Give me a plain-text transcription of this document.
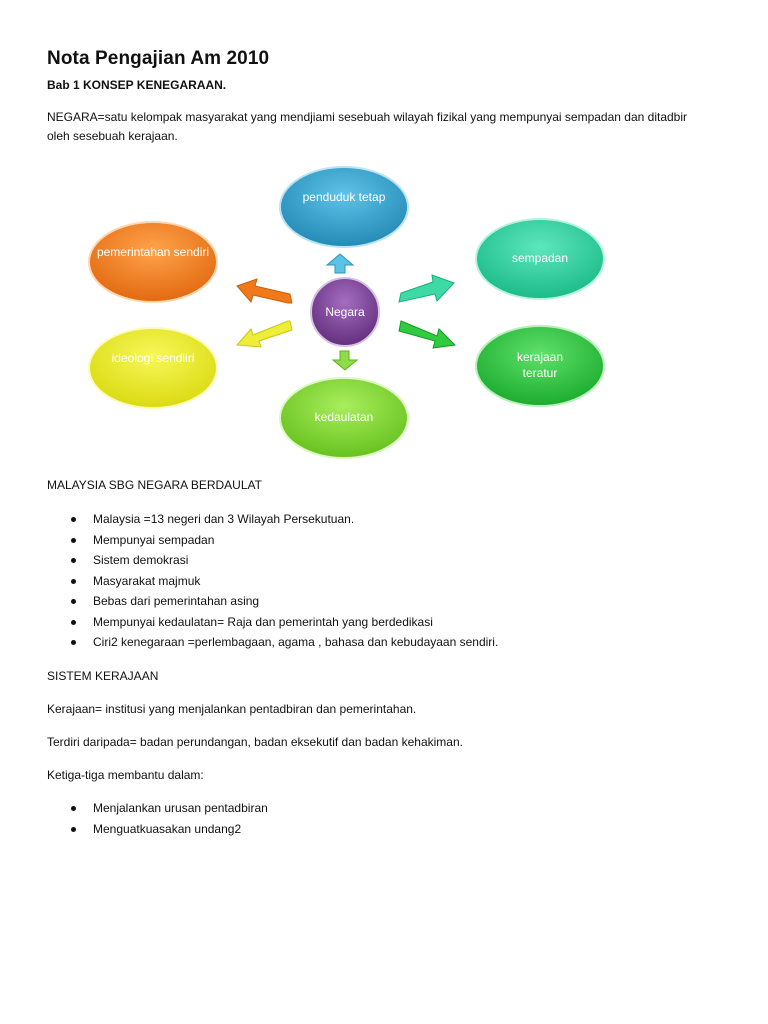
Nota Pengajian Am 2010
Bab 1 KONSEP KENEGARAAN.
NEGARA=satu kelompak masyarakat yang mendjiami sesebuah wilayah fizikal yang mempunyai sempadan dan ditadbir oleh sesebuah kerajaan.
penduduk tetap
pemerintahan sendiri
ideologi sendiiri
sempadan
kerajaan teratur
kedaulatan
Negara
MALAYSIA SBG NEGARA BERDAULAT
Malaysia =13 negeri dan 3 Wilayah Persekutuan.
Mempunyai sempadan
Sistem demokrasi
Masyarakat majmuk
Bebas dari pemerintahan asing
Mempunyai kedaulatan= Raja dan pemerintah yang berdedikasi
Ciri2 kenegaraan =perlembagaan, agama , bahasa dan kebudayaan sendiri.
SISTEM KERAJAAN
Kerajaan= institusi yang menjalankan pentadbiran dan pemerintahan.
Terdiri daripada= badan perundangan, badan eksekutif dan badan kehakiman.
Ketiga-tiga membantu dalam:
Menjalankan urusan pentadbiran
Menguatkuasakan undang2
